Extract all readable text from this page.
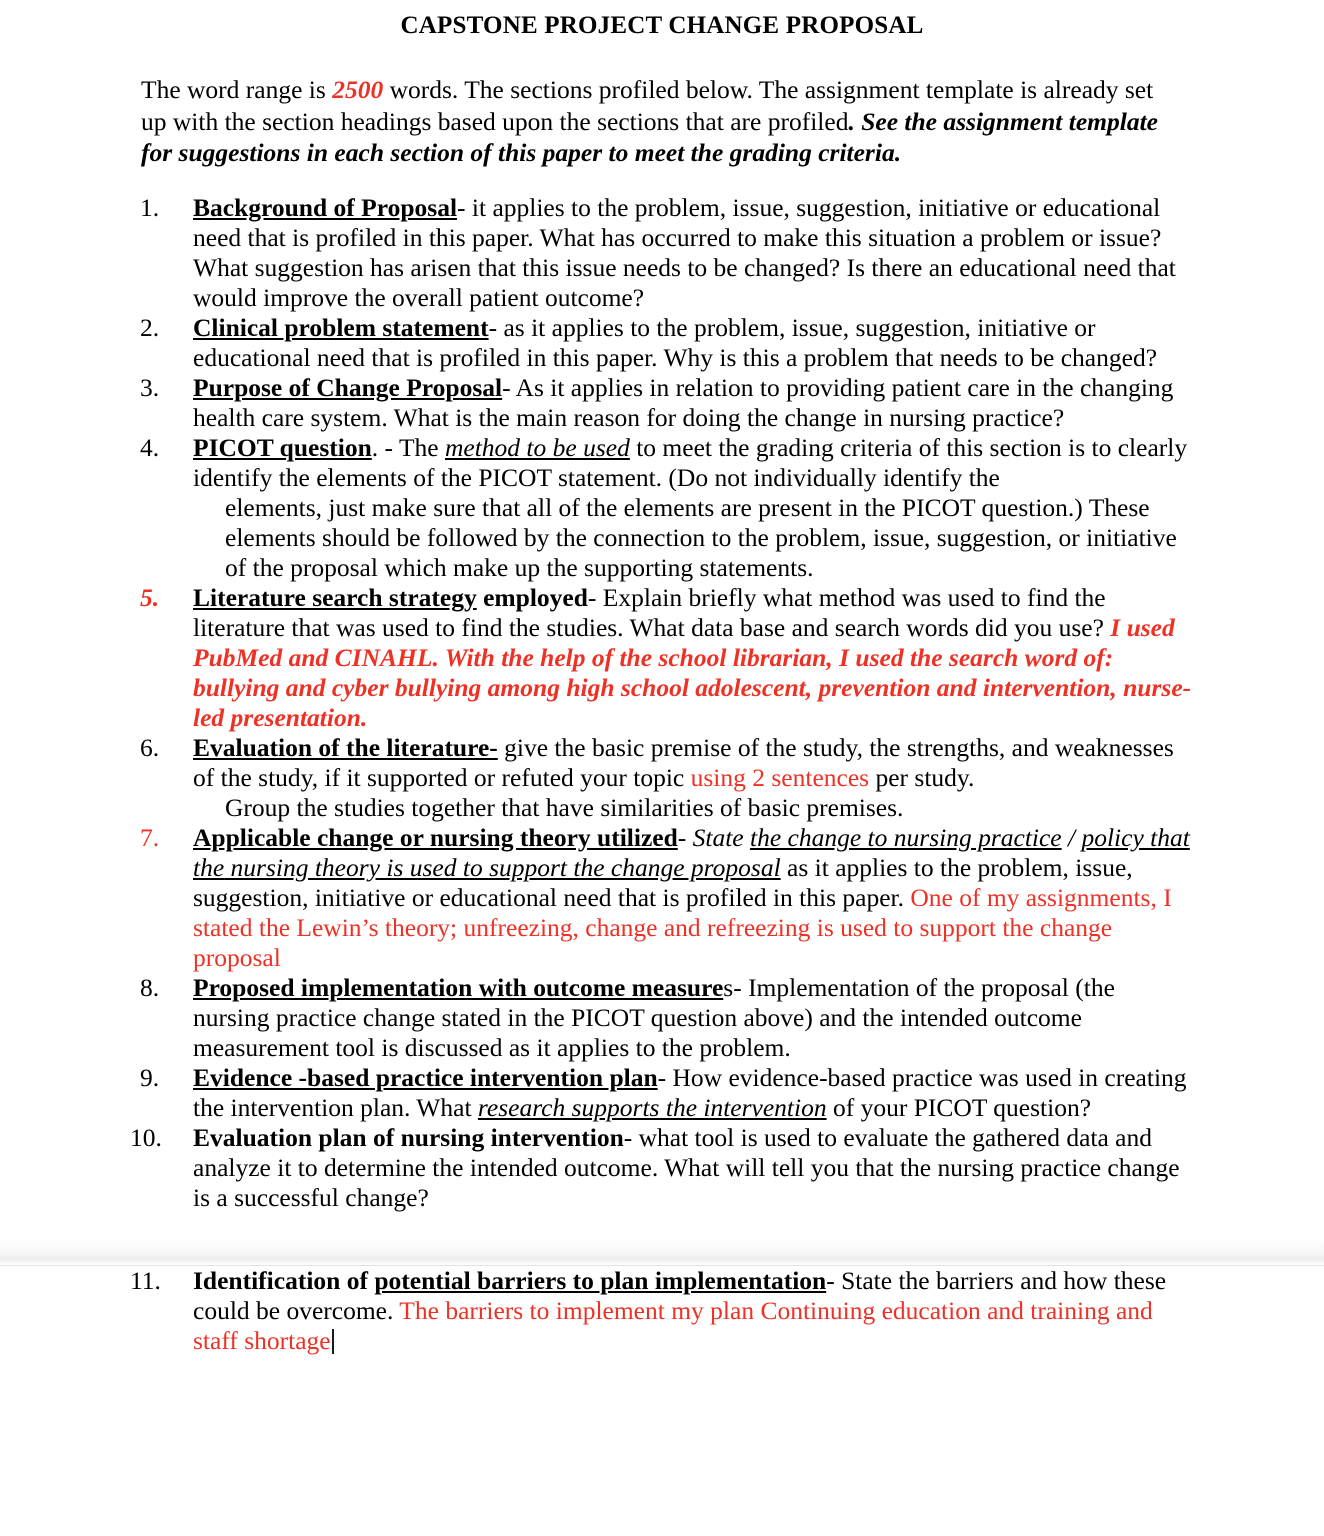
CAPSTONE PROJECT CHANGE PROPOSAL

The word range is 2500 words. The sections profiled below. The assignment template is already set up with the section headings based upon the sections that are profiled. See the assignment template for suggestions in each section of this paper to meet the grading criteria.

1.	Background of Proposal- it applies to the problem, issue, suggestion, initiative or educational need that is profiled in this paper. What has occurred to make this situation a problem or issue? What suggestion has arisen that this issue needs to be changed? Is there an educational need that would improve the overall patient outcome?
2.	Clinical problem statement- as it applies to the problem, issue, suggestion, initiative or educational need that is profiled in this paper. Why is this a problem that needs to be changed?
3.	Purpose of Change Proposal- As it applies in relation to providing patient care in the changing health care system. What is the main reason for doing the change in nursing practice?
4.	PICOT question. - The method to be used to meet the grading criteria of this section is to clearly identify the elements of the PICOT statement. (Do not individually identify the
elements, just make sure that all of the elements are present in the PICOT question.) These elements should be followed by the connection to the problem, issue, suggestion, or initiative of the proposal which make up the supporting statements.
5.	Literature search strategy employed- Explain briefly what method was used to find the literature that was used to find the studies. What data base and search words did you use? I used PubMed and CINAHL. With the help of the school librarian, I used the search word of: bullying and cyber bullying among high school adolescent, prevention and intervention, nurse-led presentation.
6.	Evaluation of the literature- give the basic premise of the study, the strengths, and weaknesses of the study, if it supported or refuted your topic using 2 sentences per study.
Group the studies together that have similarities of basic premises.
7.	Applicable change or nursing theory utilized- State the change to nursing practice / policy that the nursing theory is used to support the change proposal as it applies to the problem, issue, suggestion, initiative or educational need that is profiled in this paper. One of my assignments, I stated the Lewin’s theory; unfreezing, change and refreezing is used to support the change proposal
8.	Proposed implementation with outcome measures- Implementation of the proposal (the nursing practice change stated in the PICOT question above) and the intended outcome measurement tool is discussed as it applies to the problem.
9.	Evidence -based practice intervention plan- How evidence-based practice was used in creating the intervention plan. What research supports the intervention of your PICOT question?
10.	Evaluation plan of nursing intervention- what tool is used to evaluate the gathered data and analyze it to determine the intended outcome. What will tell you that the nursing practice change is a successful change?
11.	Identification of potential barriers to plan implementation- State the barriers and how these could be overcome. The barriers to implement my plan Continuing education and training and staff shortage
